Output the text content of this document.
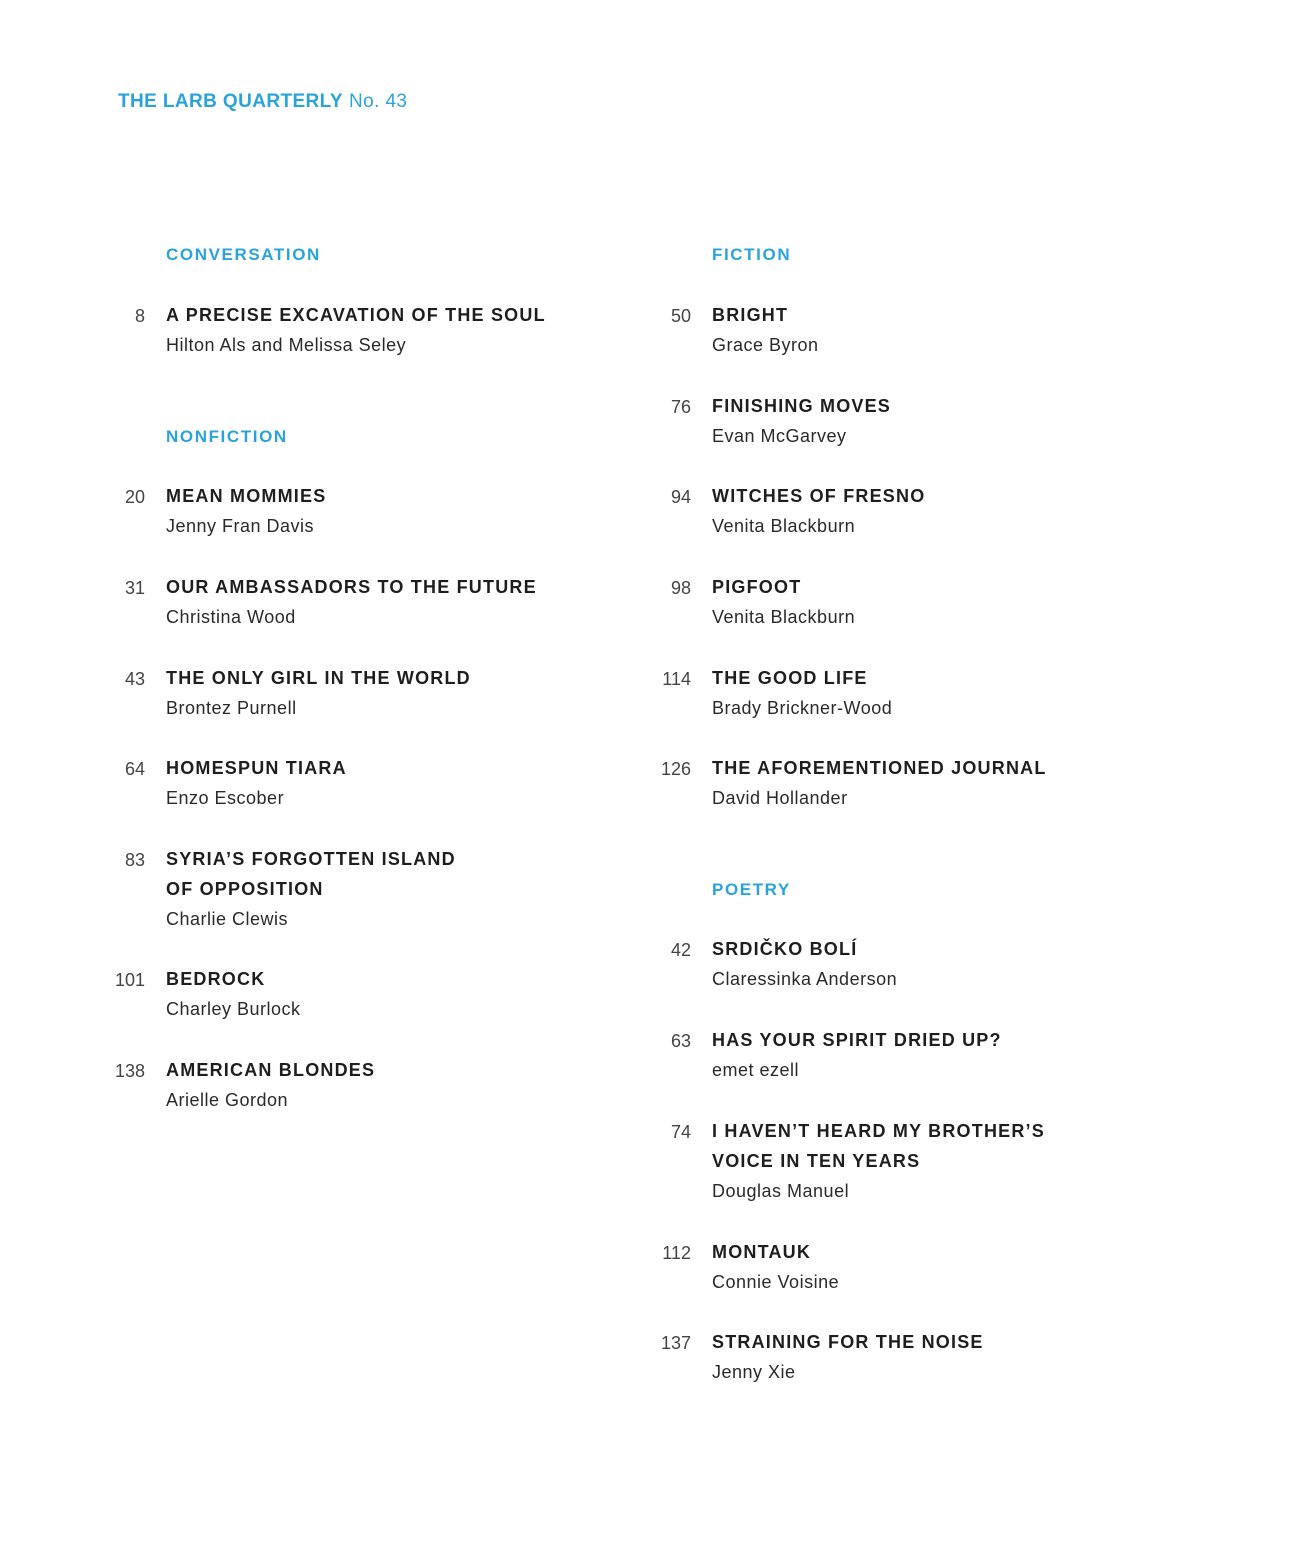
THE LARB QUARTERLY No. 43
CONVERSATION
8 A PRECISE EXCAVATION OF THE SOUL
Hilton Als and Melissa Seley
NONFICTION
20 MEAN MOMMIES
Jenny Fran Davis
31 OUR AMBASSADORS TO THE FUTURE
Christina Wood
43 THE ONLY GIRL IN THE WORLD
Brontez Purnell
64 HOMESPUN TIARA
Enzo Escober
83 SYRIA’S FORGOTTEN ISLAND
OF OPPOSITION
Charlie Clewis
101 BEDROCK
Charley Burlock
138 AMERICAN BLONDES
Arielle Gordon
FICTION
50 BRIGHT
Grace Byron
76 FINISHING MOVES
Evan McGarvey
94 WITCHES OF FRESNO
Venita Blackburn
98 PIGFOOT
Venita Blackburn
114 THE GOOD LIFE
Brady Brickner-Wood
126 THE AFOREMENTIONED JOURNAL
David Hollander
POETRY
42 SRDIČKO BOLÍ
Claressinka Anderson
63 HAS YOUR SPIRIT DRIED UP?
emet ezell
74 I HAVEN’T HEARD MY BROTHER’S
VOICE IN TEN YEARS
Douglas Manuel
112 MONTAUK
Connie Voisine
137 STRAINING FOR THE NOISE
Jenny Xie
